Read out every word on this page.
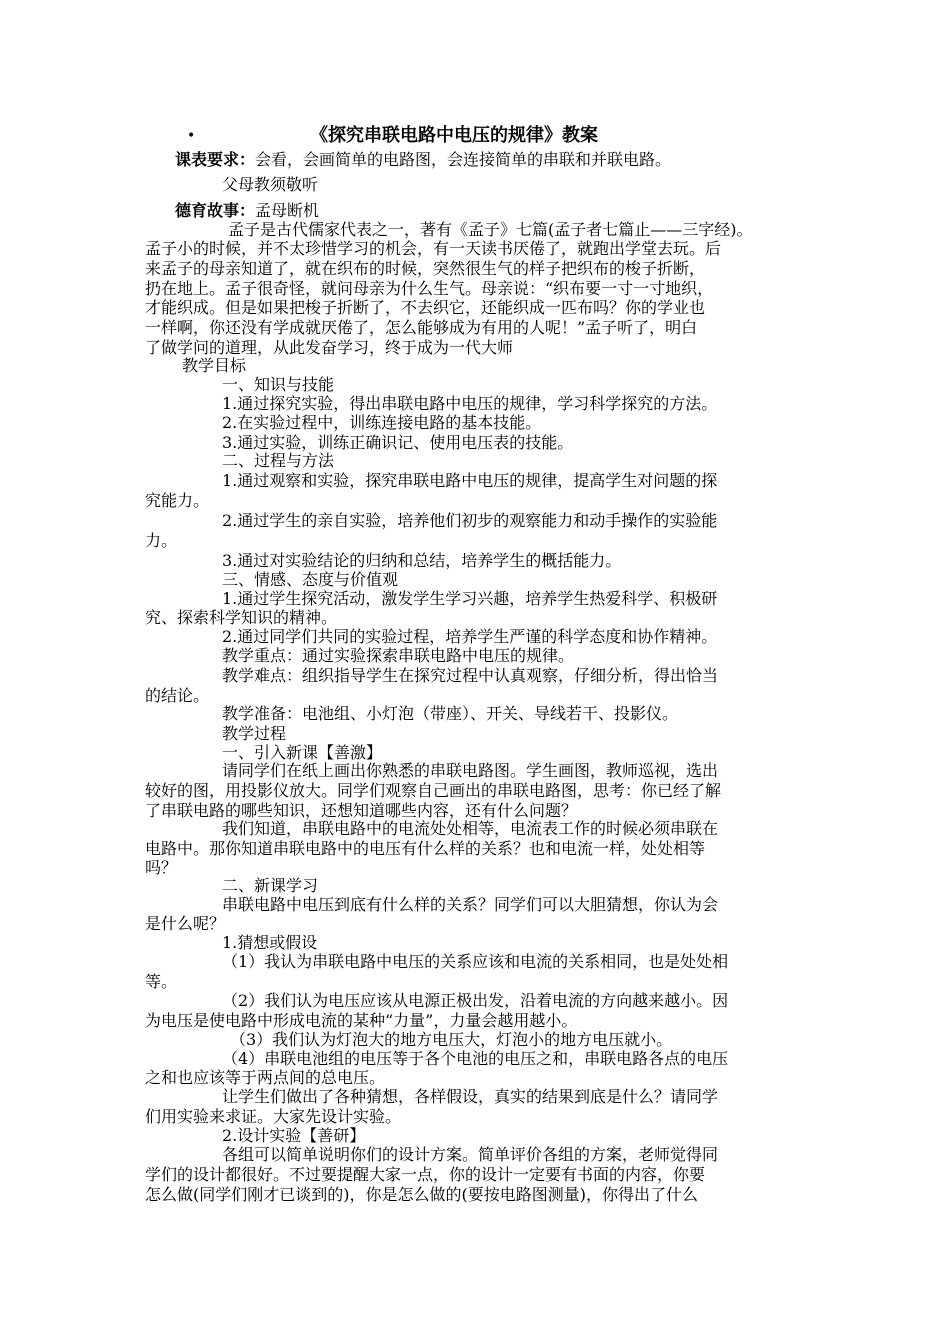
•	《探究串联电路中电压的规律》教案
课表要求：会看，会画简单的电路图，会连接简单的串联和并联电路。
父母教须敬听
德育故事：孟母断机
孟子是古代儒家代表之一，著有《孟子》七篇(孟子者七篇止——三字经)。
孟子小的时候，并不太珍惜学习的机会，有一天读书厌倦了，就跑出学堂去玩。后
来孟子的母亲知道了，就在织布的时候，突然很生气的样子把织布的梭子折断，
扔在地上。孟子很奇怪，就问母亲为什么生气。母亲说：“织布要一寸一寸地织，
才能织成。但是如果把梭子折断了，不去织它，还能织成一匹布吗？你的学业也
一样啊，你还没有学成就厌倦了，怎么能够成为有用的人呢！”孟子听了，明白
了做学问的道理，从此发奋学习，终于成为一代大师
教学目标
一、知识与技能
1.通过探究实验，得出串联电路中电压的规律，学习科学探究的方法。
2.在实验过程中，训练连接电路的基本技能。
3.通过实验，训练正确识记、使用电压表的技能。
二、过程与方法
1.通过观察和实验，探究串联电路中电压的规律，提高学生对问题的探
究能力。
2.通过学生的亲自实验，培养他们初步的观察能力和动手操作的实验能
力。
3.通过对实验结论的归纳和总结，培养学生的概括能力。
三、情感、态度与价值观
1.通过学生探究活动，激发学生学习兴趣，培养学生热爱科学、积极研
究、探索科学知识的精神。
2.通过同学们共同的实验过程，培养学生严谨的科学态度和协作精神。
教学重点：通过实验探索串联电路中电压的规律。
教学难点：组织指导学生在探究过程中认真观察，仔细分析，得出恰当
的结论。
教学准备：电池组、小灯泡（带座）、开关、导线若干、投影仪。
教学过程
一、引入新课【善激】
请同学们在纸上画出你熟悉的串联电路图。学生画图，教师巡视，选出
较好的图，用投影仪放大。同学们观察自己画出的串联电路图，思考：你已经了解
了串联电路的哪些知识，还想知道哪些内容，还有什么问题？
我们知道，串联电路中的电流处处相等，电流表工作的时候必须串联在
电路中。那你知道串联电路中的电压有什么样的关系？也和电流一样，处处相等
吗？
二、新课学习
串联电路中电压到底有什么样的关系？同学们可以大胆猜想，你认为会
是什么呢？
1.猜想或假设
（1）我认为串联电路中电压的关系应该和电流的关系相同，也是处处相
等。
（2）我们认为电压应该从电源正极出发，沿着电流的方向越来越小。因
为电压是使电路中形成电流的某种“力量”，力量会越用越小。
（3）我们认为灯泡大的地方电压大，灯泡小的地方电压就小。
（4）串联电池组的电压等于各个电池的电压之和，串联电路各点的电压
之和也应该等于两点间的总电压。
让学生们做出了各种猜想，各样假设，真实的结果到底是什么？请同学
们用实验来求证。大家先设计实验。
2.设计实验【善研】
各组可以简单说明你们的设计方案。简单评价各组的方案，老师觉得同
学们的设计都很好。不过要提醒大家一点，你的设计一定要有书面的内容，你要
怎么做(同学们刚才已谈到的)，你是怎么做的(要按电路图测量)，你得出了什么
